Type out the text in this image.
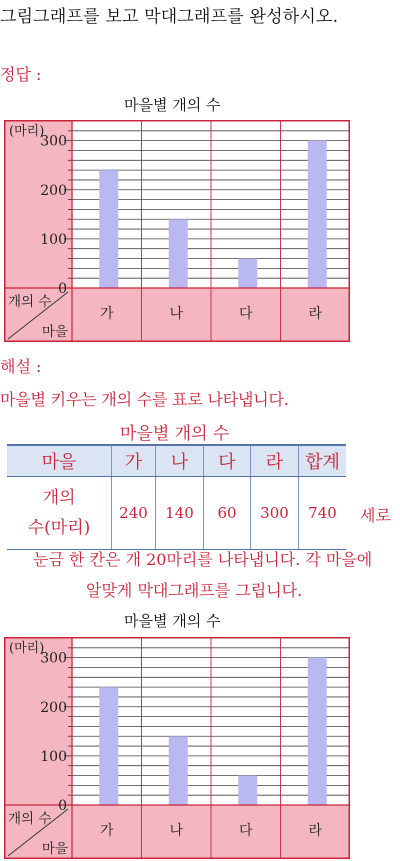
그림그래프를 보고 막대그래프를 완성하시오.
정답 :
마을별 개의 수
(마리)
0
100
200
300
가	나	다	라
개의 수
마을
해설 :
마을별 키우는 개의 수를 표로 나타냅니다.
마을별 개의 수
마을	가	나	다	라	합계

개의
수(마리)	240	140	60	300	740 세로
눈금 한 칸은 개 20마리를 나타냅니다. 각 마을에
알맞게 막대그래프를 그립니다.
마을별 개의 수
(마리)
0
100
200
300
가	나	다	라
개의 수
마을
